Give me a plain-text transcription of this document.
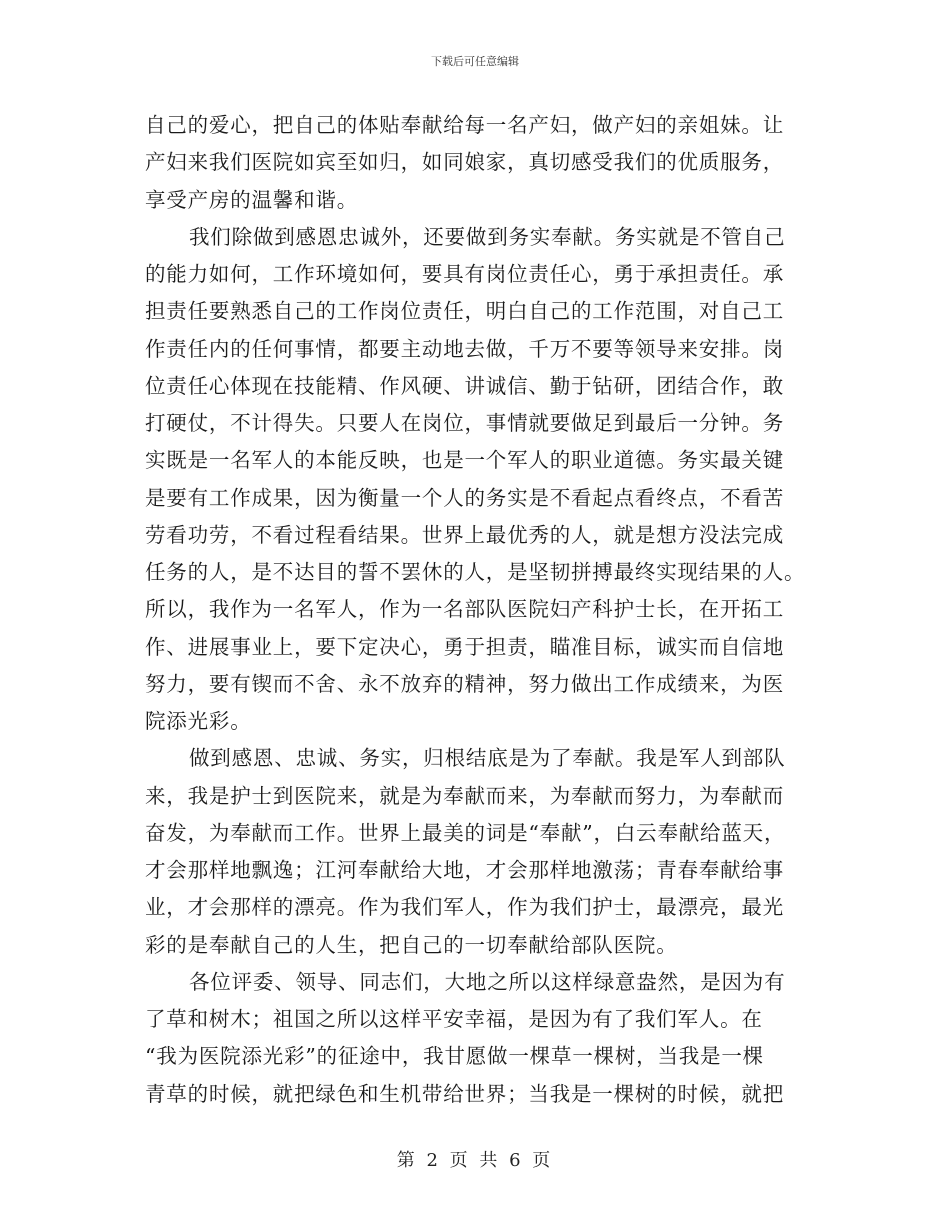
下载后可任意编辑
自己的爱心，把自己的体贴奉献给每一名产妇，做产妇的亲姐妹。让
产妇来我们医院如宾至如归，如同娘家，真切感受我们的优质服务，
享受产房的温馨和谐。
我们除做到感恩忠诚外，还要做到务实奉献。务实就是不管自己
的能力如何，工作环境如何，要具有岗位责任心，勇于承担责任。承
担责任要熟悉自己的工作岗位责任，明白自己的工作范围，对自己工
作责任内的任何事情，都要主动地去做，千万不要等领导来安排。岗
位责任心体现在技能精、作风硬、讲诚信、勤于钻研，团结合作，敢
打硬仗，不计得失。只要人在岗位，事情就要做足到最后一分钟。务
实既是一名军人的本能反映，也是一个军人的职业道德。务实最关键
是要有工作成果，因为衡量一个人的务实是不看起点看终点，不看苦
劳看功劳，不看过程看结果。世界上最优秀的人，就是想方没法完成
任务的人，是不达目的誓不罢休的人，是坚韧拼搏最终实现结果的人。
所以，我作为一名军人，作为一名部队医院妇产科护士长，在开拓工
作、进展事业上，要下定决心，勇于担责，瞄准目标，诚实而自信地
努力，要有锲而不舍、永不放弃的精神，努力做出工作成绩来，为医
院添光彩。
做到感恩、忠诚、务实，归根结底是为了奉献。我是军人到部队
来，我是护士到医院来，就是为奉献而来，为奉献而努力，为奉献而
奋发，为奉献而工作。世界上最美的词是“奉献”，白云奉献给蓝天，
才会那样地飘逸；江河奉献给大地，才会那样地激荡；青春奉献给事
业，才会那样的漂亮。作为我们军人，作为我们护士，最漂亮，最光
彩的是奉献自己的人生，把自己的一切奉献给部队医院。
各位评委、领导、同志们，大地之所以这样绿意盎然，是因为有
了草和树木；祖国之所以这样平安幸福，是因为有了我们军人。在
“我为医院添光彩”的征途中，我甘愿做一棵草一棵树，当我是一棵
青草的时候，就把绿色和生机带给世界；当我是一棵树的时候，就把
第 2 页 共 6 页
